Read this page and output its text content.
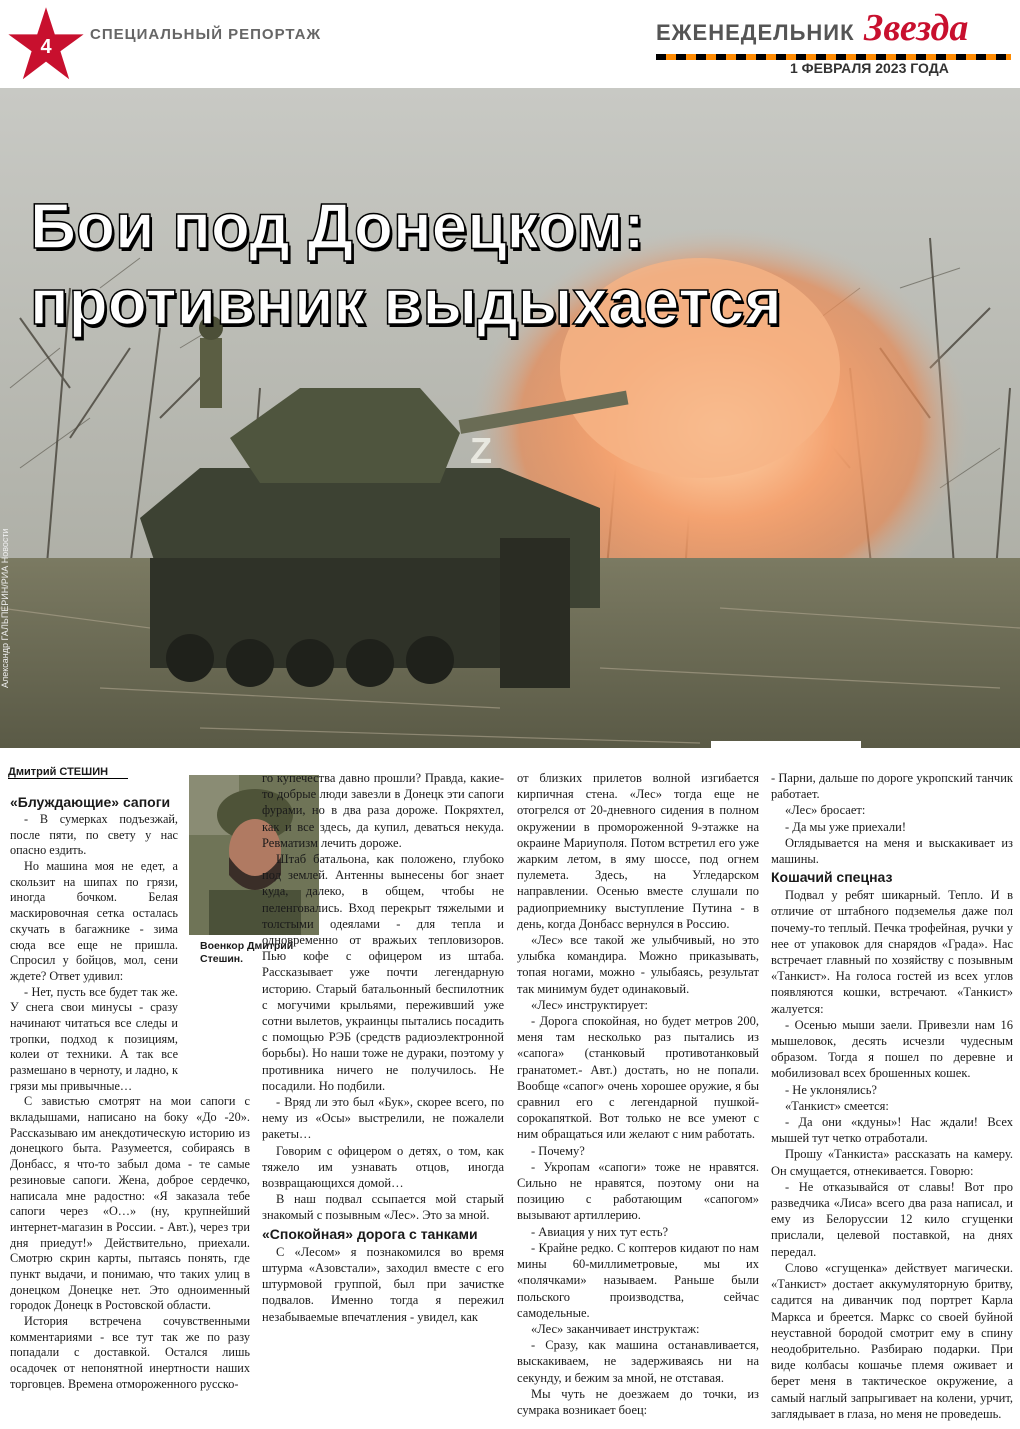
4
СПЕЦИАЛЬНЫЙ РЕПОРТАЖ	ЕЖЕНЕДЕЛЬНИК Звезда
1 ФЕВРАЛЯ 2023 ГОДА
Z
Бои под Донецком:
противник выдыхается
Александр ГАЛЬПЕРИН/РИА Новости
Дмитрий СТЕШИН
Военкор Дмитрий Стешин.
«Блуждающие» сапоги

- В сумерках подъезжай, после пяти, по свету у нас опасно ездить.

Но машина моя не едет, а скользит на шипах по грязи, иногда бочком. Белая маскировочная сетка осталась скучать в багажнике - зима сюда все еще не пришла. Спросил у бойцов, мол, сени ждете? Ответ удивил:

- Нет, пусть все будет так же. У снега свои минусы - сразу начинают читаться все следы и тропки, подход к позициям, колеи от техники. А так все размешано в черноту, и ладно, к грязи мы привычные…

С завистью смотрят на мои сапоги с вкладышами, написано на боку «До -20». Рассказываю им анекдотическую историю из донецкого быта. Разумеется, собираясь в Донбасс, я что-то забыл дома - те самые резиновые сапоги. Жена, доброе сердечко, написала мне радостно: «Я заказала тебе сапоги через «О…» (ну, крупнейший интернет-магазин в России. - Авт.), через три дня приедут!» Действительно, приехали. Смотрю скрин карты, пытаясь понять, где пункт выдачи, и понимаю, что таких улиц в донецком Донецке нет. Это одноименный городок Донецк в Ростовской области.

История встречена сочувственными комментариями - все тут так же по разу попадали с доставкой. Остался лишь осадочек от непонятной инертности наших торговцев. Времена отмороженного русско-

го купечества давно прошли? Правда, какие-то добрые люди завезли в Донецк эти сапоги фурами, но в два раза дороже. Покряхтел, как и все здесь, да купил, деваться некуда. Ревматизм лечить дороже.

Штаб батальона, как положено, глубоко под землей. Антенны вынесены бог знает куда, далеко, в общем, чтобы не пеленговались. Вход перекрыт тяжелыми и толстыми одеялами - для тепла и одновременно от вражьих тепловизоров. Пью кофе с офицером из штаба. Рассказывает уже почти легендарную историю. Старый батальонный беспилотник с могучими крыльями, переживший уже сотни вылетов, украинцы пытались посадить с помощью РЭБ (средств радиоэлектронной борьбы). Но наши тоже не дураки, поэтому у противника ничего не получилось. Не посадили. Но подбили.

- Вряд ли это был «Бук», скорее всего, по нему из «Осы» выстрелили, не пожалели ракеты…

Говорим с офицером о детях, о том, как тяжело им узнавать отцов, иногда возвращающихся домой…

В наш подвал ссыпается мой старый знакомый с позывным «Лес». Это за мной.

«Спокойная» дорога с танками

С «Лесом» я познакомился во время штурма «Азовстали», заходил вместе с его штурмовой группой, был при зачистке подвалов. Именно тогда я пережил незабываемые впечатления - увидел, как

от близких прилетов волной изгибается кирпичная стена. «Лес» тогда еще не отогрелся от 20-дневного сидения в полном окружении в промороженной 9-этажке на окраине Мариуполя. Потом встретил его уже жарким летом, в яму шоссе, под огнем пулемета. Здесь, на Угледарском направлении. Осенью вместе слушали по радиоприемнику выступление Путина - в день, когда Донбасс вернулся в Россию.

«Лес» все такой же улыбчивый, но это улыбка командира. Можно приказывать, топая ногами, можно - улыбаясь, результат так минимум будет одинаковый.

«Лес» инструктирует:

- Дорога спокойная, но будет метров 200, меня там несколько раз пытались из «сапога» (станковый противотанковый гранатомет.- Авт.) достать, но не попали. Вообще «сапог» очень хорошее оружие, я бы сравнил его с легендарной пушкой-сорокапяткой. Вот только не все умеют с ним обращаться или желают с ним работать.

- Почему?

- Укропам «сапоги» тоже не нравятся. Сильно не нравятся, поэтому они на позицию с работающим «сапогом» вызывают артиллерию.

- Авиация у них тут есть?

- Крайне редко. С коптеров кидают по нам мины 60-миллиметровые, мы их «полячками» называем. Раньше были польского производства, сейчас самодельные.

«Лес» заканчивает инструктаж:

- Сразу, как машина останавливается, выскакиваем, не задерживаясь ни на секунду, и бежим за мной, не отставая.

Мы чуть не доезжаем до точки, из сумрака возникает боец:

- Парни, дальше по дороге укропский танчик работает.

«Лес» бросает:

- Да мы уже приехали!

Оглядывается на меня и выскакивает из машины.

Кошачий спецназ

Подвал у ребят шикарный. Тепло. И в отличие от штабного подземелья даже пол почему-то теплый. Печка трофейная, ручки у нее от упаковок для снарядов «Града». Нас встречает главный по хозяйству с позывным «Танкист». На голоса гостей из всех углов появляются кошки, встречают. «Танкист» жалуется:

- Осенью мыши заели. Привезли нам 16 мышеловок, десять исчезли чудесным образом. Тогда я пошел по деревне и мобилизовал всех брошенных кошек.

- Не уклонялись?

«Танкист» смеется:

- Да они «кдуны»! Нас ждали! Всех мышей тут четко отработали.

Прошу «Танкиста» рассказать на камеру. Он смущается, отнекивается. Говорю:

- Не отказывайся от славы! Вот про разведчика «Лиса» всего два раза написал, и ему из Белоруссии 12 кило сгущенки прислали, целевой поставкой, на днях передал.

Слово «сгущенка» действует магически. «Танкист» достает аккумуляторную бритву, садится на диванчик под портрет Карла Маркса и бреется. Маркс со своей буйной неуставной бородой смотрит ему в спину неодобрительно. Разбираю подарки. При виде колбасы кошачье племя оживает и берет меня в тактическое окружение, а самый наглый запрыгивает на колени, урчит, заглядывает в глаза, но меня не проведешь.
